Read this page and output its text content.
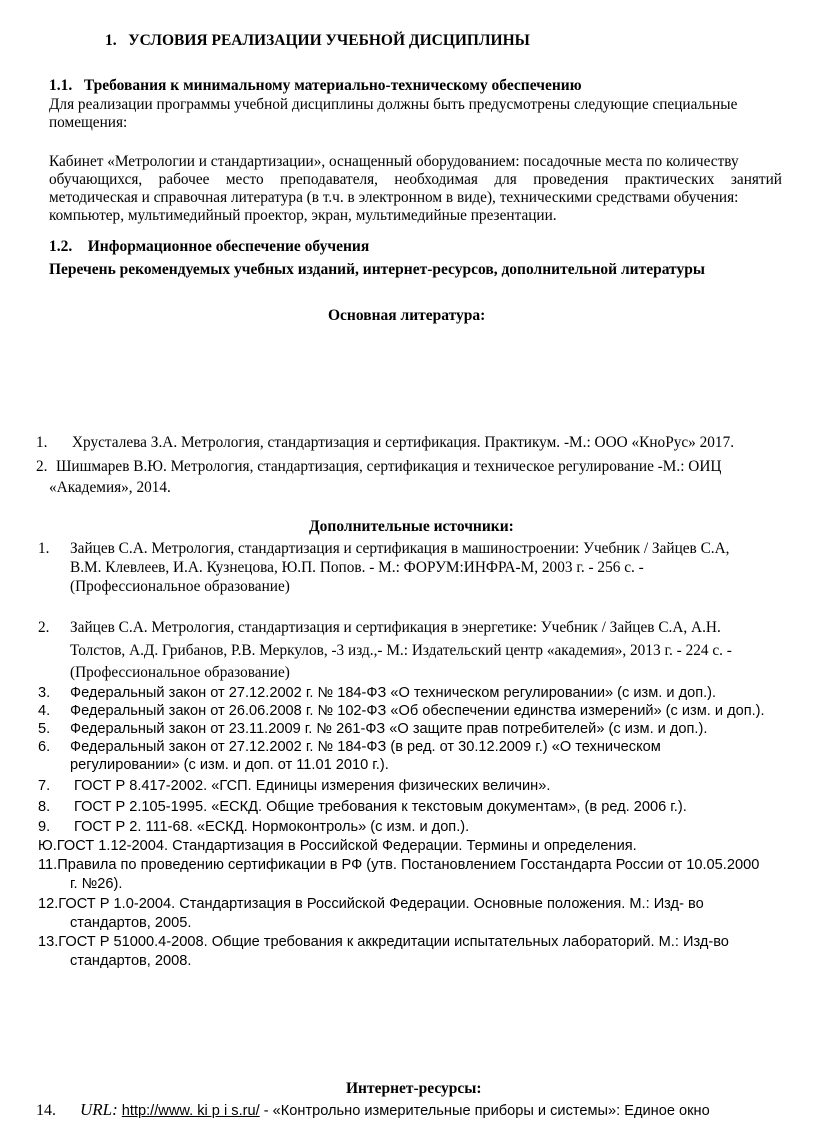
1. УСЛОВИЯ РЕАЛИЗАЦИИ УЧЕБНОЙ ДИСЦИПЛИНЫ
1.1. Требования к минимальному материально-техническому обеспечению
Для реализации программы учебной дисциплины должны быть предусмотрены следующие специальные
помещения:
Кабинет «Метрологии и стандартизации», оснащенный оборудованием: посадочные места по количеству
обучающихся, рабочее место преподавателя, необходимая для проведения практических занятий
методическая и справочная литература (в т.ч. в электронном в виде), техническими средствами обучения:
компьютер, мультимедийный проектор, экран, мультимедийные презентации.
1.2. Информационное обеспечение обучения
Перечень рекомендуемых учебных изданий, интернет-ресурсов, дополнительной литературы
Основная литература:
1. Хрусталева З.А. Метрология, стандартизация и сертификация. Практикум. -М.: ООО «КноРус» 2017.
2. Шишмарев В.Ю. Метрология, стандартизация, сертификация и техническое регулирование -М.: ОИЦ
«Академия», 2014.
Дополнительные источники:
1. Зайцев С.А. Метрология, стандартизация и сертификация в машиностроении: Учебник / Зайцев С.А,
В.М. Клевлеев, И.А. Кузнецова, Ю.П. Попов. - М.: ФОРУМ:ИНФРА-М, 2003 г. - 256 с. -
(Профессиональное образование)
2. Зайцев С.А. Метрология, стандартизация и сертификация в энергетике: Учебник / Зайцев С.А, А.Н.
Толстов, А.Д. Грибанов, Р.В. Меркулов, -3 изд.,- М.: Издательский центр «академия», 2013 г. - 224 с. -
(Профессиональное образование)
3. Федеральный закон от 27.12.2002 г. № 184-ФЗ «О техническом регулировании» (с изм. и доп.).
4. Федеральный закон от 26.06.2008 г. № 102-ФЗ «Об обеспечении единства измерений» (с изм. и доп.).
5. Федеральный закон от 23.11.2009 г. № 261-ФЗ «О защите прав потребителей» (с изм. и доп.).
6. Федеральный закон от 27.12.2002 г. № 184-ФЗ (в ред. от 30.12.2009 г.) «О техническом
регулировании» (с изм. и доп. от 11.01 2010 г.).
7. ГОСТ Р 8.417-2002. «ГСП. Единицы измерения физических величин».
8. ГОСТ Р 2.105-1995. «ЕСКД. Общие требования к текстовым документам», (в ред. 2006 г.).
9. ГОСТ Р 2. 111-68. «ЕСКД. Нормоконтроль» (с изм. и доп.).
Ю.ГОСТ 1.12-2004. Стандартизация в Российской Федерации. Термины и определения.
11.Правила по проведению сертификации в РФ (утв. Постановлением Госстандарта России от 10.05.2000
г. №26).
12.ГОСТ Р 1.0-2004. Стандартизация в Российской Федерации. Основные положения. М.: Изд- во
стандартов, 2005.
13.ГОСТ Р 51000.4-2008. Общие требования к аккредитации испытательных лабораторий. М.: Изд-во
стандартов, 2008.
Интернет-ресурсы:
14. URL: http://www. ki p i s.ru/ - «Контрольно измерительные приборы и системы»: Единое окно
